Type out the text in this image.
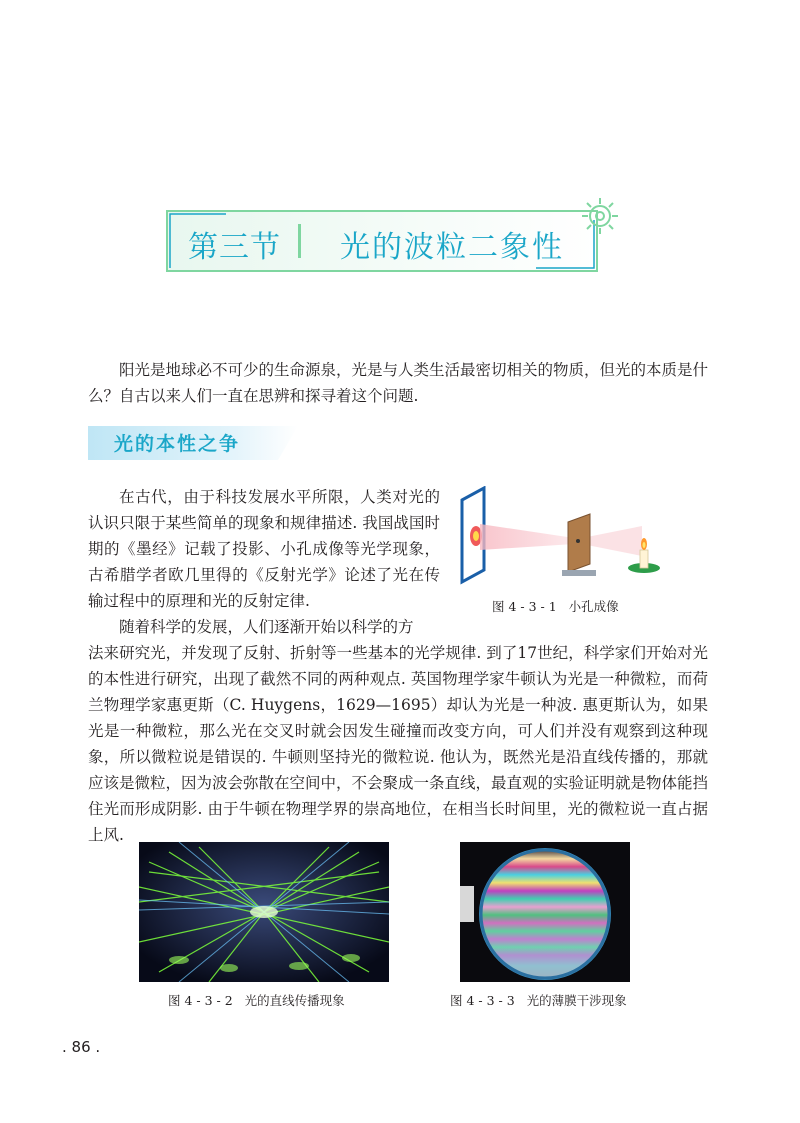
第三节 光的波粒二象性

阳光是地球必不可少的生命源泉，光是与人类生活最密切相关的物质，但光的本质是什么？自古以来人们一直在思辨和探寻着这个问题.

光的本性之争

在古代，由于科技发展水平所限，人类对光的认识只限于某些简单的现象和规律描述. 我国战国时期的《墨经》记载了投影、小孔成像等光学现象，古希腊学者欧几里得的《反射光学》论述了光在传输过程中的原理和光的反射定律.

随着科学的发展，人们逐渐开始以科学的方

法来研究光，并发现了反射、折射等一些基本的光学规律. 到了17世纪，科学家们开始对光的本性进行研究，出现了截然不同的两种观点. 英国物理学家牛顿认为光是一种微粒，而荷兰物理学家惠更斯（C. Huygens，1629—1695）却认为光是一种波. 惠更斯认为，如果光是一种微粒，那么光在交叉时就会因发生碰撞而改变方向，可人们并没有观察到这种现象，所以微粒说是错误的. 牛顿则坚持光的微粒说. 他认为，既然光是沿直线传播的，那就应该是微粒，因为波会弥散在空间中，不会聚成一条直线，最直观的实验证明就是物体能挡住光而形成阴影. 由于牛顿在物理学界的崇高地位，在相当长时间里，光的微粒说一直占据上风.

图 4 - 3 - 1   小孔成像
图 4 - 3 - 2   光的直线传播现象	图 4 - 3 - 3   光的薄膜干涉现象
. 86 .
